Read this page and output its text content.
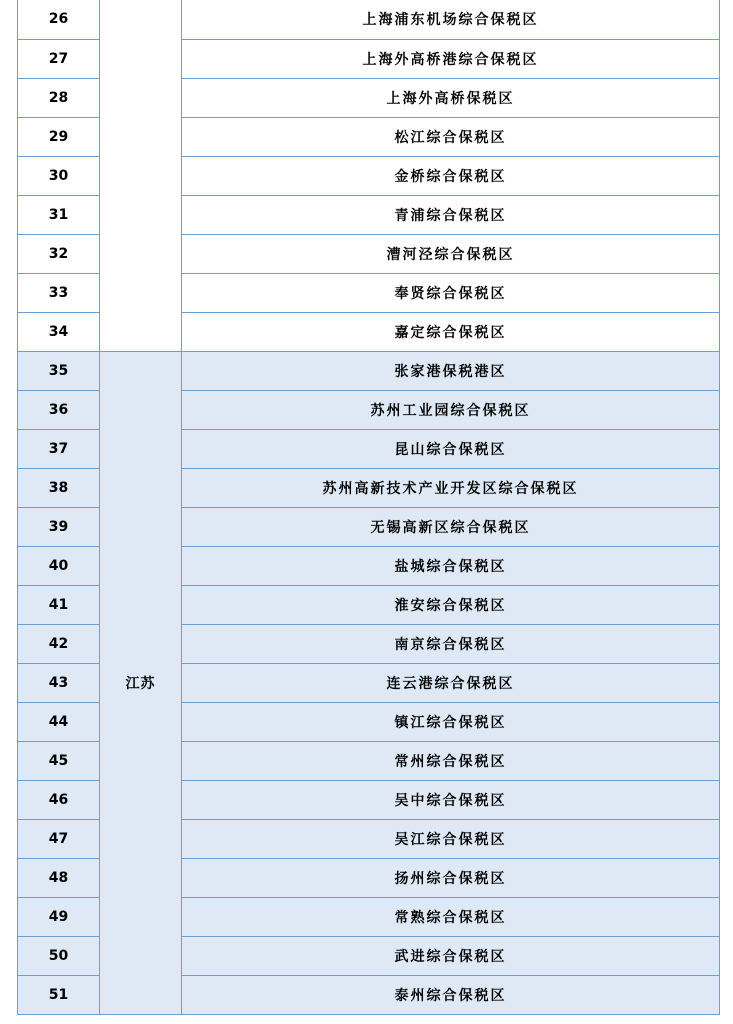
26		上海浦东机场综合保税区
27		上海外高桥港综合保税区
28		上海外高桥保税区
29		松江综合保税区
30		金桥综合保税区
31		青浦综合保税区
32		漕河泾综合保税区
33		奉贤综合保税区
34		嘉定综合保税区
35	江苏	张家港保税港区
36		苏州工业园综合保税区
37		昆山综合保税区
38		苏州高新技术产业开发区综合保税区
39		无锡高新区综合保税区
40		盐城综合保税区
41		淮安综合保税区
42		南京综合保税区
43		连云港综合保税区
44		镇江综合保税区
45		常州综合保税区
46		吴中综合保税区
47		吴江综合保税区
48		扬州综合保税区
49		常熟综合保税区
50		武进综合保税区
51		泰州综合保税区
